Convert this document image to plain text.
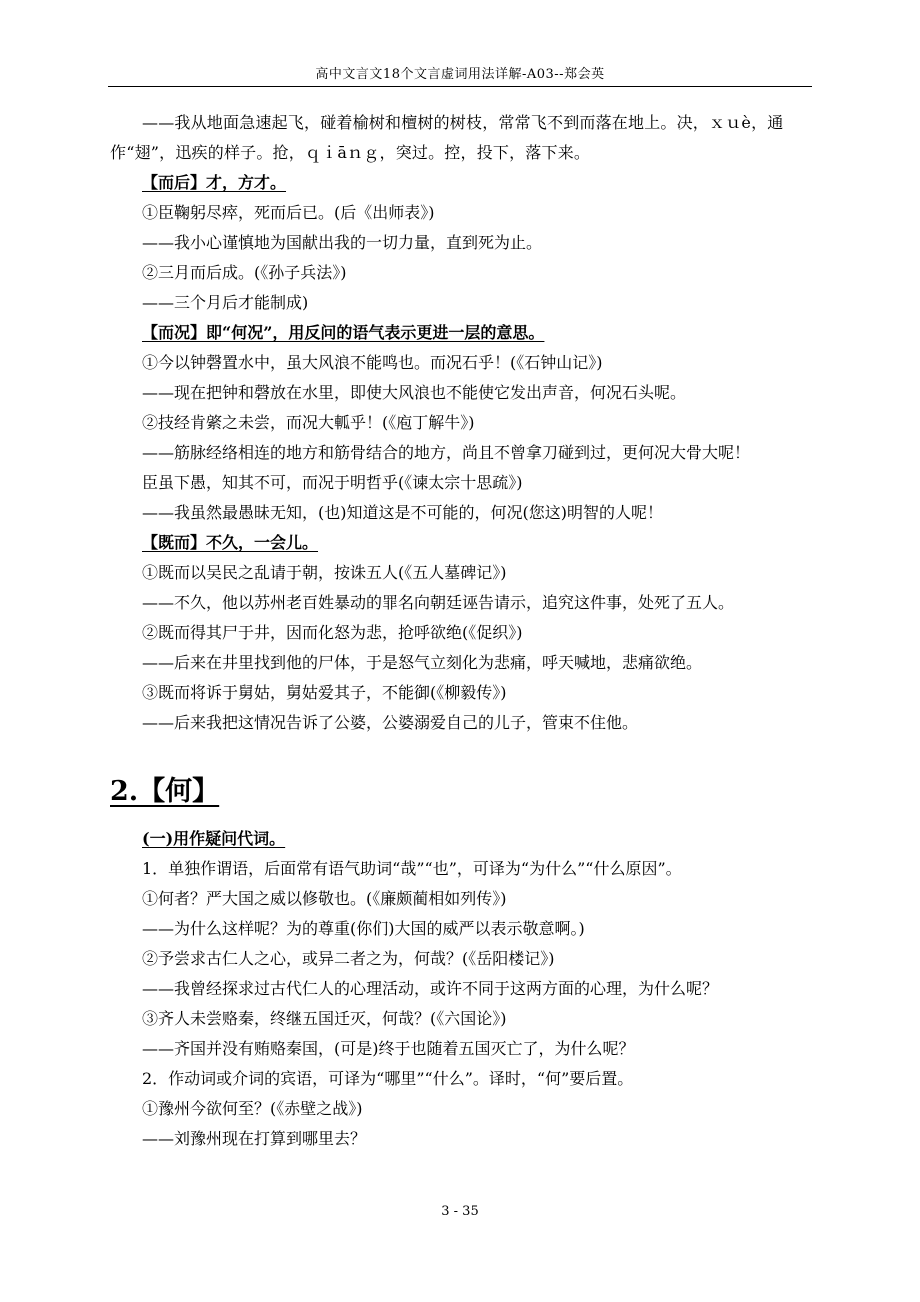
高中文言文18个文言虚词用法详解-A03--郑会英

——我从地面急速起飞，碰着榆树和檀树的树枝，常常飞不到而落在地上。决，ｘｕè，通作“翅”，迅疾的样子。抢，ｑｉāｎｇ，突过。控，投下，落下来。

【而后】才，方才。

①臣鞠躬尽瘁，死而后已。(后《出师表》)

——我小心谨慎地为国献出我的一切力量，直到死为止。

②三月而后成。(《孙子兵法》)

——三个月后才能制成)

【而况】即“何况”，用反问的语气表示更进一层的意思。

①今以钟磬置水中，虽大风浪不能鸣也。而况石乎！(《石钟山记》)

——现在把钟和磬放在水里，即使大风浪也不能使它发出声音，何况石头呢。

②技经肯綮之未尝，而况大軱乎！(《庖丁解牛》)

——筋脉经络相连的地方和筋骨结合的地方，尚且不曾拿刀碰到过，更何况大骨大呢！

臣虽下愚，知其不可，而况于明哲乎(《谏太宗十思疏》)

——我虽然最愚昧无知，(也)知道这是不可能的，何况(您这)明智的人呢！

【既而】不久，一会儿。

①既而以吴民之乱请于朝，按诛五人(《五人墓碑记》)

——不久，他以苏州老百姓暴动的罪名向朝廷诬告请示，追究这件事，处死了五人。

②既而得其尸于井，因而化怒为悲，抢呼欲绝(《促织》)

——后来在井里找到他的尸体，于是怒气立刻化为悲痛，呼天喊地，悲痛欲绝。

③既而将诉于舅姑，舅姑爱其子，不能御(《柳毅传》)

——后来我把这情况告诉了公婆，公婆溺爱自己的儿子，管束不住他。

2.【何】

(一)用作疑问代词。

1．单独作谓语，后面常有语气助词“哉”“也”，可译为“为什么”“什么原因”。

①何者？严大国之威以修敬也。(《廉颇蔺相如列传》)

——为什么这样呢？为的尊重(你们)大国的威严以表示敬意啊。)

②予尝求古仁人之心，或异二者之为，何哉？(《岳阳楼记》)

——我曾经探求过古代仁人的心理活动，或许不同于这两方面的心理，为什么呢？

③齐人未尝赂秦，终继五国迁灭，何哉？(《六国论》)

——齐国并没有贿赂秦国，(可是)终于也随着五国灭亡了，为什么呢？

2．作动词或介词的宾语，可译为“哪里”“什么”。译时，“何”要后置。

①豫州今欲何至？(《赤壁之战》)

——刘豫州现在打算到哪里去？

3 - 35
